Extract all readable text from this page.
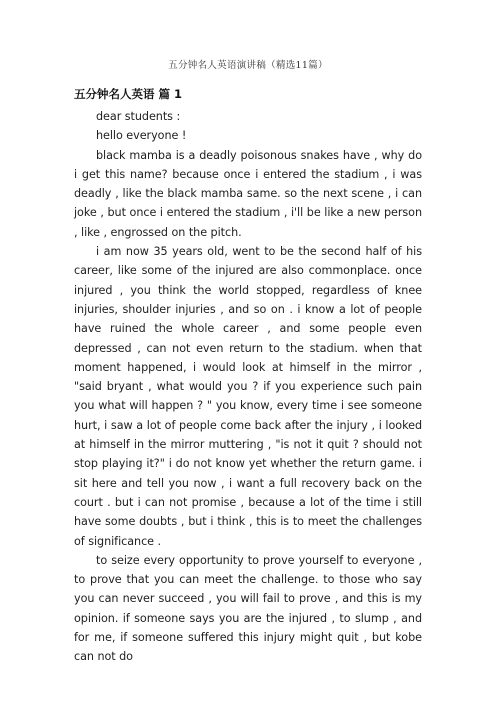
五分钟名人英语演讲稿（精选11篇）
五分钟名人英语 篇 1

dear students :

hello everyone !

black mamba is a deadly poisonous snakes have , why do i get this name? because once i entered the stadium , i was deadly , like the black mamba same. so the next scene , i can joke , but once i entered the stadium , i'll be like a new person , like , engrossed on the pitch.

i am now 35 years old, went to be the second half of his career, like some of the injured are also commonplace. once injured , you think the world stopped, regardless of knee injuries, shoulder injuries , and so on . i know a lot of people have ruined the whole career , and some people even depressed , can not even return to the stadium. when that moment happened, i would look at himself in the mirror , "said bryant , what would you ? if you experience such pain you what will happen ? " you know, every time i see someone hurt, i saw a lot of people come back after the injury , i looked at himself in the mirror muttering , "is not it quit ? should not stop playing it?" i do not know yet whether the return game. i sit here and tell you now , i want a full recovery back on the court . but i can not promise , because a lot of the time i still have some doubts , but i think , this is to meet the challenges of significance .

to seize every opportunity to prove yourself to everyone , to prove that you can meet the challenge. to those who say you can never succeed , you will fail to prove , and this is my opinion. if someone says you are the injured , to slump , and for me, if someone suffered this injury might quit , but kobe can not do
